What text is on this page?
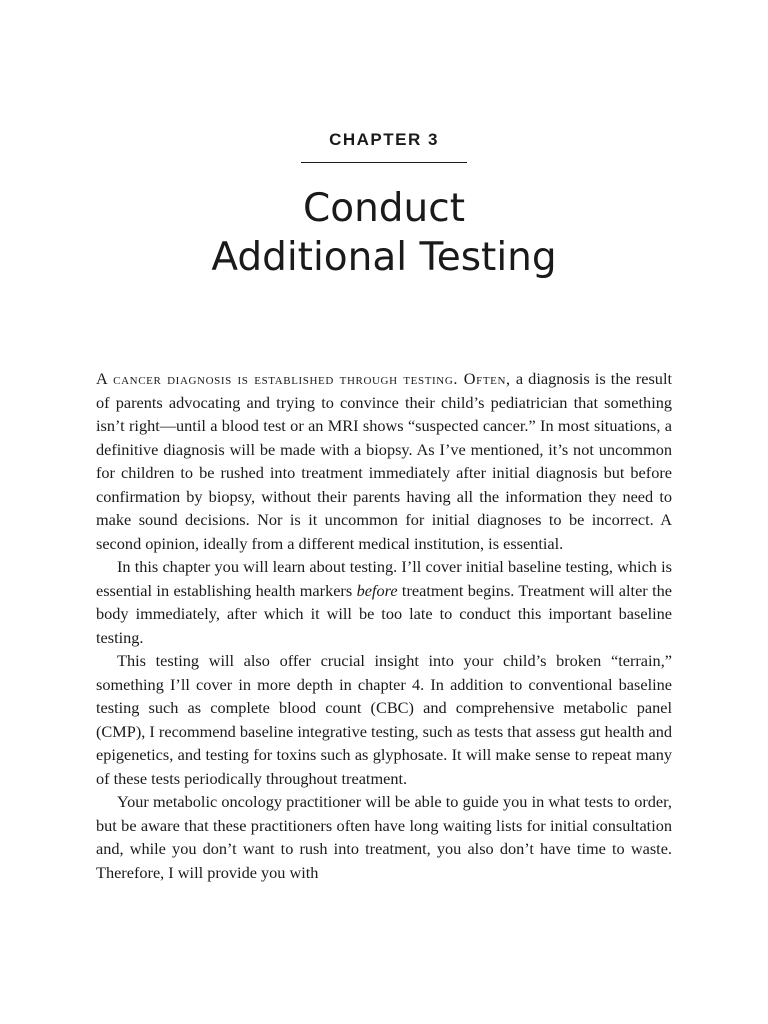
CHAPTER 3
Conduct
Additional Testing

A cancer diagnosis is established through testing. Often, a diagnosis is the result of parents advocating and trying to convince their child’s pediatrician that something isn’t right—until a blood test or an MRI shows “suspected cancer.” In most situations, a definitive diagnosis will be made with a biopsy. As I’ve mentioned, it’s not uncommon for children to be rushed into treatment immediately after initial diagnosis but before confirmation by biopsy, without their parents having all the information they need to make sound decisions. Nor is it uncommon for initial diagnoses to be incorrect. A second opinion, ideally from a different medical institution, is essential.

In this chapter you will learn about testing. I’ll cover initial baseline testing, which is essential in establishing health markers before treatment begins. Treatment will alter the body immediately, after which it will be too late to conduct this important baseline testing.

This testing will also offer crucial insight into your child’s broken “terrain,” something I’ll cover in more depth in chapter 4. In addition to conventional baseline testing such as complete blood count (CBC) and comprehensive metabolic panel (CMP), I recommend baseline integrative testing, such as tests that assess gut health and epigenetics, and testing for toxins such as glyphosate. It will make sense to repeat many of these tests periodically throughout treatment.

Your metabolic oncology practitioner will be able to guide you in what tests to order, but be aware that these practitioners often have long waiting lists for initial consultation and, while you don’t want to rush into treatment, you also don’t have time to waste. Therefore, I will provide you with
